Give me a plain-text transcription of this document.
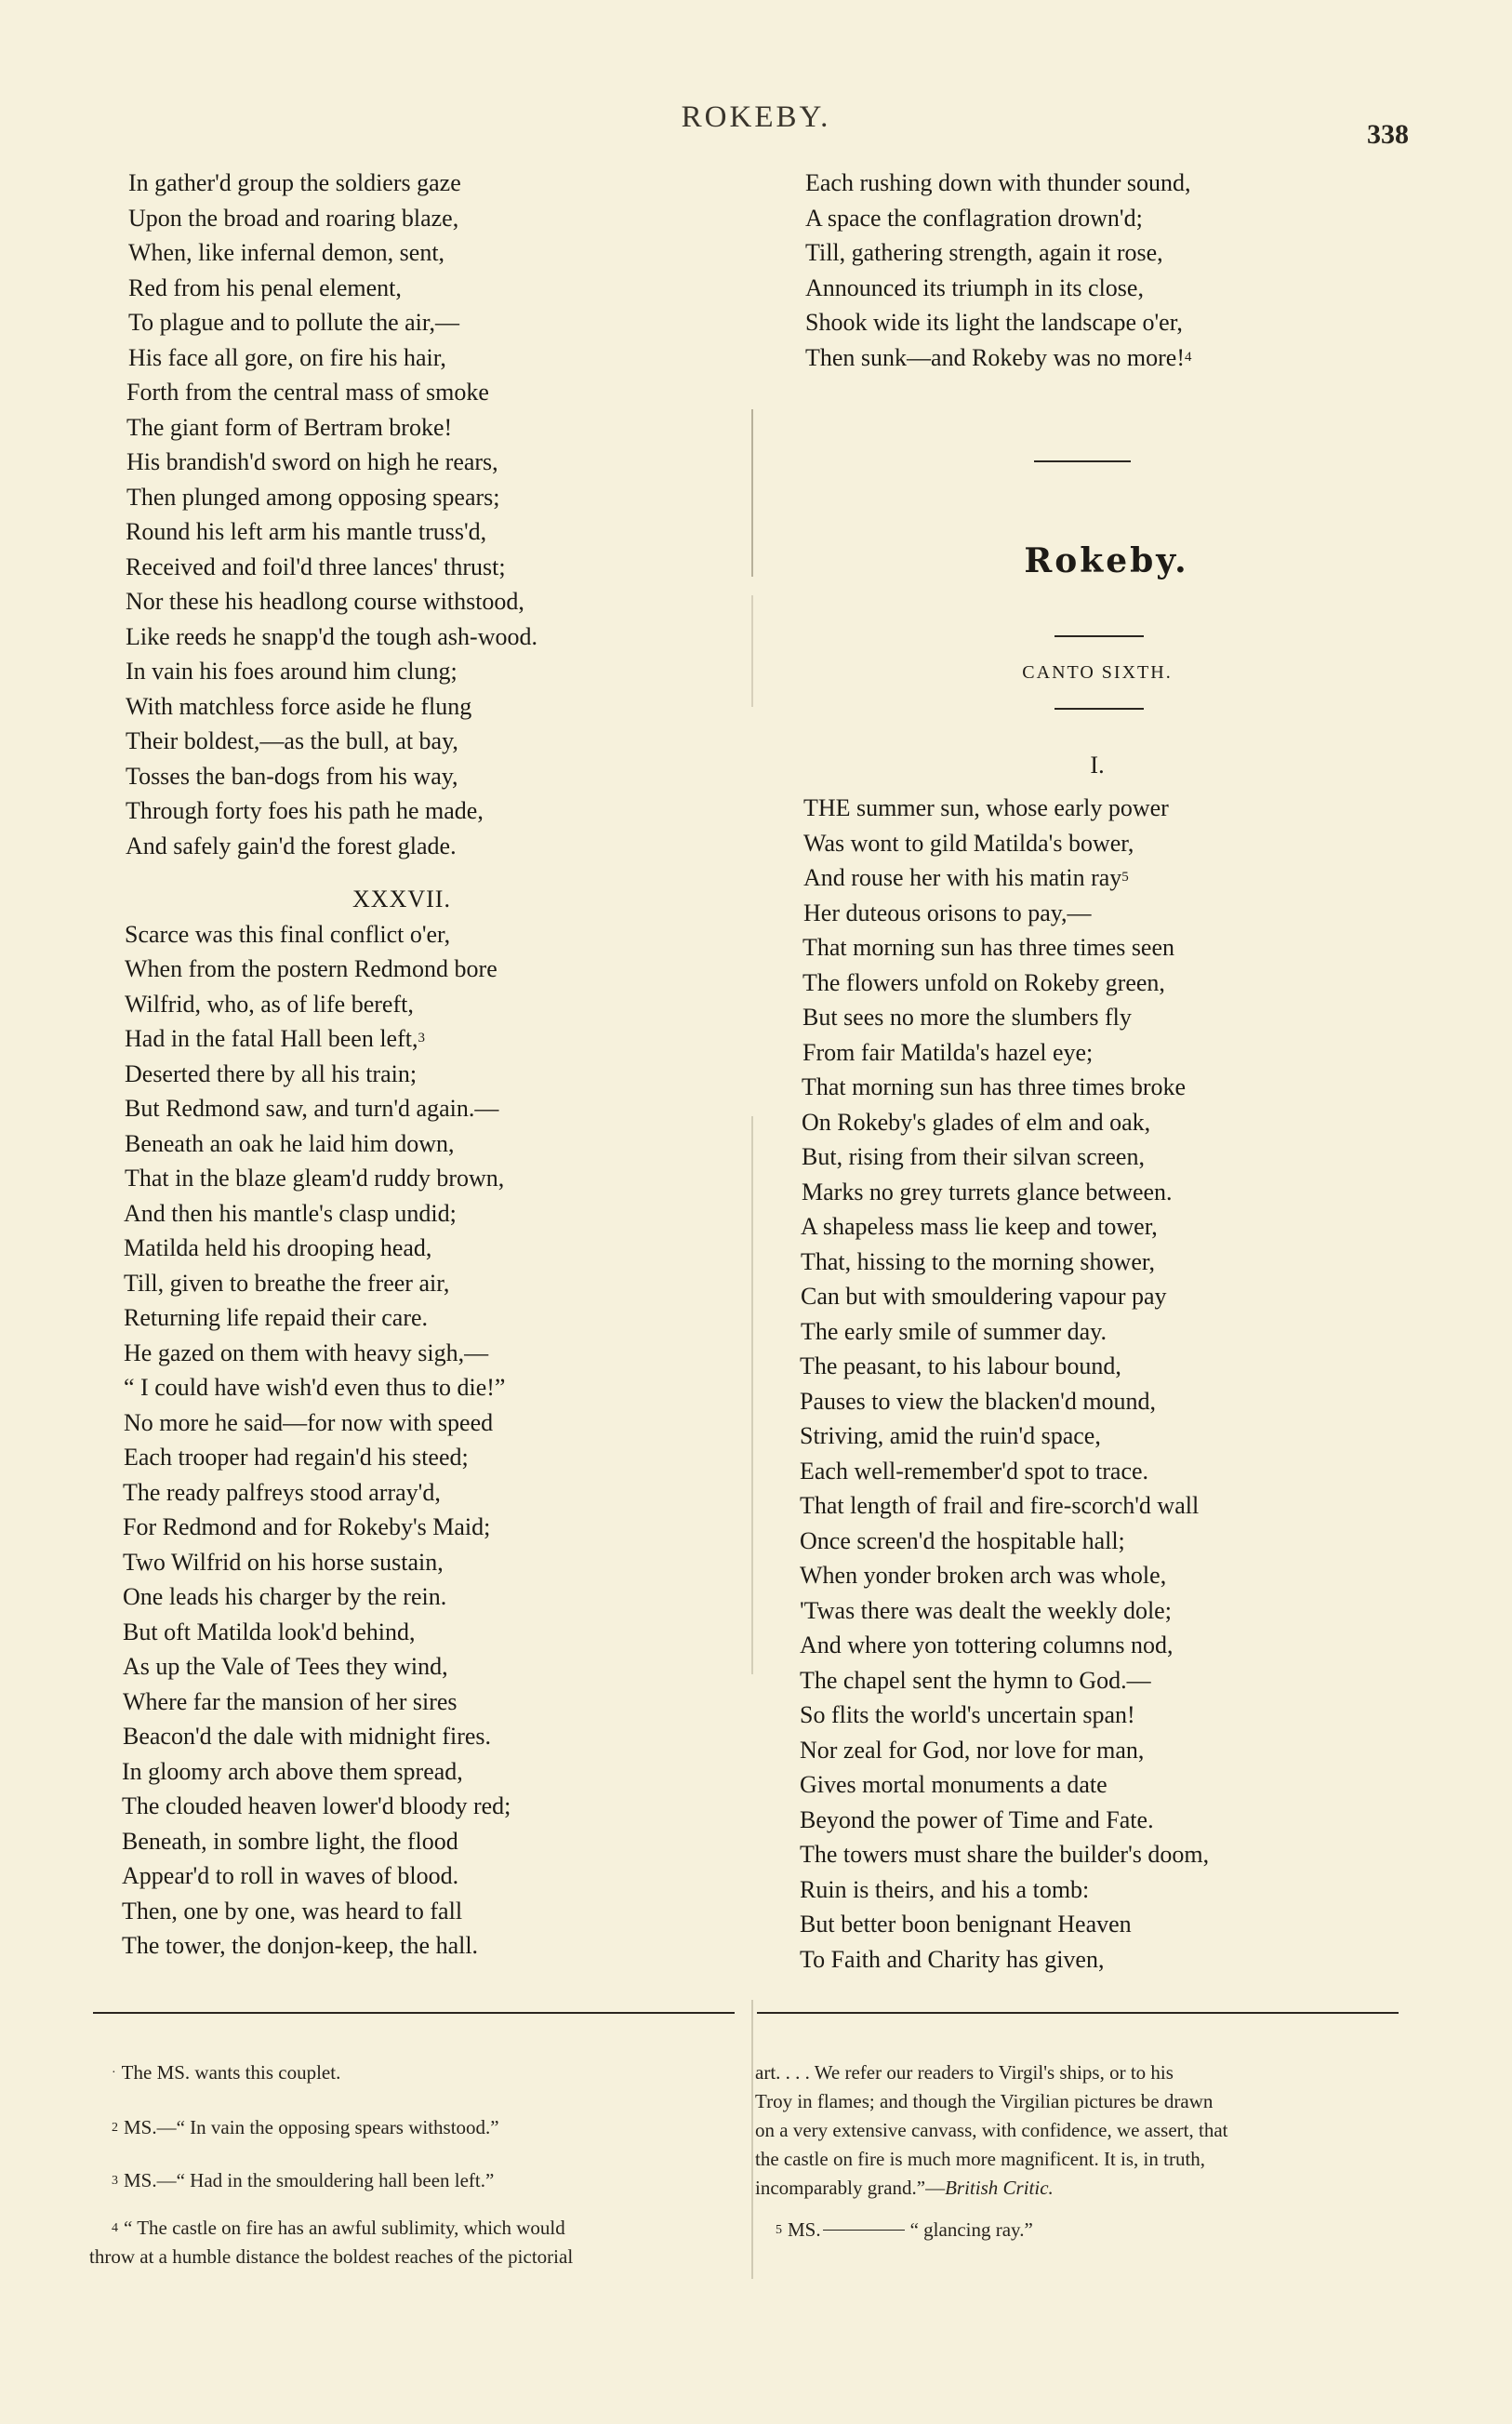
ROKEBY.
338
In gather'd group the soldiers gaze
Upon the broad and roaring blaze,
When, like infernal demon, sent,
Red from his penal element,
To plague and to pollute the air,—
His face all gore, on fire his hair,
Forth from the central mass of smoke
The giant form of Bertram broke!
His brandish'd sword on high he rears,
Then plunged among opposing spears;
Round his left arm his mantle truss'd,
Received and foil'd three lances' thrust;
Nor these his headlong course withstood,
Like reeds he snapp'd the tough ash-wood.
In vain his foes around him clung;
With matchless force aside he flung
Their boldest,—as the bull, at bay,
Tosses the ban-dogs from his way,
Through forty foes his path he made,
And safely gain'd the forest glade.
XXXVII.
Scarce was this final conflict o'er,
When from the postern Redmond bore
Wilfrid, who, as of life bereft,
Had in the fatal Hall been left,$^3$
Deserted there by all his train;
But Redmond saw, and turn'd again.—
Beneath an oak he laid him down,
That in the blaze gleam'd ruddy brown,
And then his mantle's clasp undid;
Matilda held his drooping head,
Till, given to breathe the freer air,
Returning life repaid their care.
He gazed on them with heavy sigh,—
“ I could have wish'd even thus to die!”
No more he said—for now with speed
Each trooper had regain'd his steed;
The ready palfreys stood array'd,
For Redmond and for Rokeby's Maid;
Two Wilfrid on his horse sustain,
One leads his charger by the rein.
But oft Matilda look'd behind,
As up the Vale of Tees they wind,
Where far the mansion of her sires
Beacon'd the dale with midnight fires.
In gloomy arch above them spread,
The clouded heaven lower'd bloody red;
Beneath, in sombre light, the flood
Appear'd to roll in waves of blood.
Then, one by one, was heard to fall
The tower, the donjon-keep, the hall.
Each rushing down with thunder sound,
A space the conflagration drown'd;
Till, gathering strength, again it rose,
Announced its triumph in its close,
Shook wide its light the landscape o'er,
Then sunk—and Rokeby was no more!$^4$
Rokeby.
CANTO SIXTH.
I.
THE summer sun, whose early power
Was wont to gild Matilda's bower,
And rouse her with his matin ray$^5$
Her duteous orisons to pay,—
That morning sun has three times seen
The flowers unfold on Rokeby green,
But sees no more the slumbers fly
From fair Matilda's hazel eye;
That morning sun has three times broke
On Rokeby's glades of elm and oak,
But, rising from their silvan screen,
Marks no grey turrets glance between.
A shapeless mass lie keep and tower,
That, hissing to the morning shower,
Can but with smouldering vapour pay
The early smile of summer day.
The peasant, to his labour bound,
Pauses to view the blacken'd mound,
Striving, amid the ruin'd space,
Each well-remember'd spot to trace.
That length of frail and fire-scorch'd wall
Once screen'd the hospitable hall;
When yonder broken arch was whole,
'Twas there was dealt the weekly dole;
And where yon tottering columns nod,
The chapel sent the hymn to God.—
So flits the world's uncertain span!
Nor zeal for God, nor love for man,
Gives mortal monuments a date
Beyond the power of Time and Fate.
The towers must share the builder's doom,
Ruin is theirs, and his a tomb:
But better boon benignant Heaven
To Faith and Charity has given,

· The MS. wants this couplet.

$^2$ MS.—“ In vain the opposing spears withstood.”

$^3$ MS.—“ Had in the smouldering hall been left.”

$^4$ “ The castle on fire has an awful sublimity, which would

throw at a humble distance the boldest reaches of the pictorial

art. . . . We refer our readers to Virgil's ships, or to his

Troy in flames; and though the Virgilian pictures be drawn

on a very extensive canvass, with confidence, we assert, that

the castle on fire is much more magnificent. It is, in truth,

incomparably grand.”—British Critic.

$^5$ MS.	“ glancing ray.”
